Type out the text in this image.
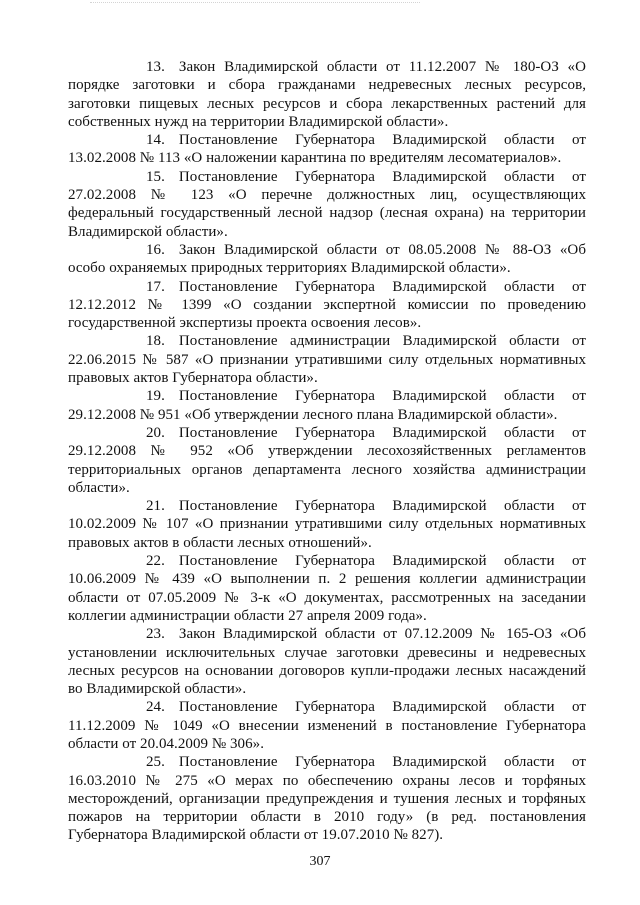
13. Закон Владимирской области от 11.12.2007 № 180-ОЗ «О порядке заготовки и сбора гражданами недревесных лесных ресурсов, заготовки пищевых лесных ресурсов и сбора лекарственных растений для собственных нужд на территории Владимирской области».

14. Постановление Губернатора Владимирской области от 13.02.2008 № 113 «О наложении карантина по вредителям лесоматериалов».

15. Постановление Губернатора Владимирской области от 27.02.2008 № 123 «О перечне должностных лиц, осуществляющих федеральный государственный лесной надзор (лесная охрана) на территории Владимирской области».

16. Закон Владимирской области от 08.05.2008 № 88-ОЗ «Об особо охраняемых природных территориях Владимирской области».

17. Постановление Губернатора Владимирской области от 12.12.2012 № 1399 «О создании экспертной комиссии по проведению государственной экспертизы проекта освоения лесов».

18. Постановление администрации Владимирской области от 22.06.2015 № 587 «О признании утратившими силу отдельных нормативных правовых актов Губернатора области».

19. Постановление Губернатора Владимирской области от 29.12.2008 № 951 «Об утверждении лесного плана Владимирской области».

20. Постановление Губернатора Владимирской области от 29.12.2008 № 952 «Об утверждении лесохозяйственных регламентов территориальных органов департамента лесного хозяйства администрации области».

21. Постановление Губернатора Владимирской области от 10.02.2009 № 107 «О признании утратившими силу отдельных нормативных правовых актов в области лесных отношений».

22. Постановление Губернатора Владимирской области от 10.06.2009 № 439 «О выполнении п. 2 решения коллегии администрации области от 07.05.2009 № 3-к «О документах, рассмотренных на заседании коллегии администрации области 27 апреля 2009 года».

23. Закон Владимирской области от 07.12.2009 № 165-ОЗ «Об установлении исключительных случае заготовки древесины и недревесных лесных ресурсов на основании договоров купли-продажи лесных насаждений во Владимирской области».

24. Постановление Губернатора Владимирской области от 11.12.2009 № 1049 «О внесении изменений в постановление Губернатора области от 20.04.2009 № 306».

25. Постановление Губернатора Владимирской области от 16.03.2010 № 275 «О мерах по обеспечению охраны лесов и торфяных месторождений, организации предупреждения и тушения лесных и торфяных пожаров на территории области в 2010 году» (в ред. постановления Губернатора Владимирской области от 19.07.2010 № 827).

307
